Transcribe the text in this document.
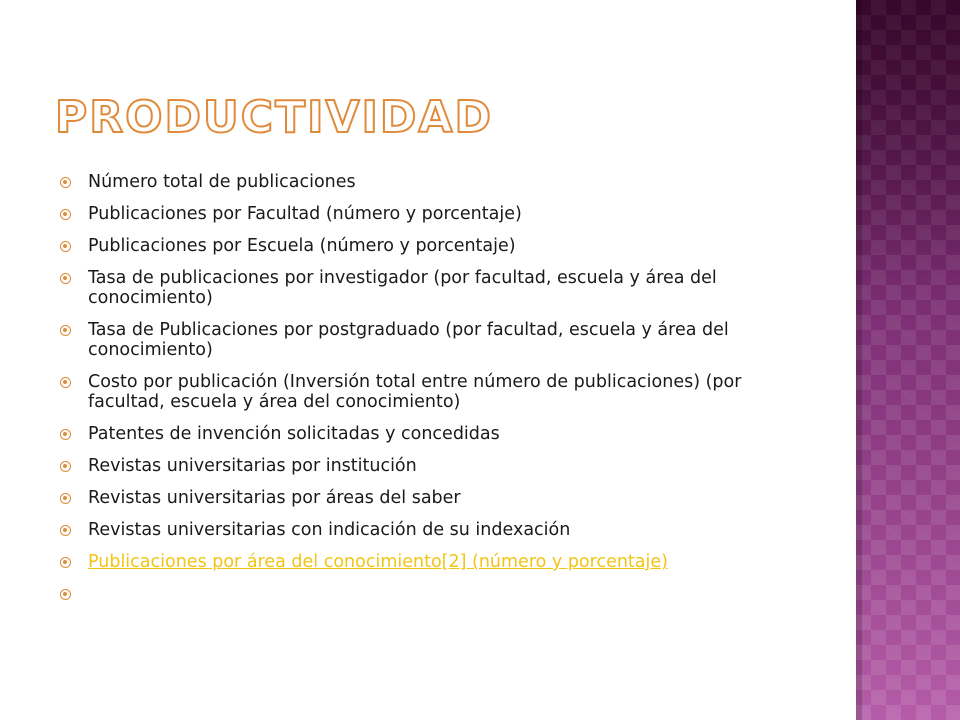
PRODUCTIVIDAD
Número total de publicaciones
Publicaciones por Facultad (número y porcentaje)
Publicaciones por Escuela (número y porcentaje)
Tasa de publicaciones por investigador (por facultad, escuela y área del conocimiento)
Tasa de Publicaciones por postgraduado (por facultad, escuela y área del conocimiento)
Costo por publicación (Inversión total entre número de publicaciones) (por facultad, escuela y área del conocimiento)
Patentes de invención solicitadas y concedidas
Revistas universitarias por institución
Revistas universitarias por áreas del saber
Revistas universitarias con indicación de su indexación
Publicaciones por área del conocimiento[2] (número y porcentaje)
